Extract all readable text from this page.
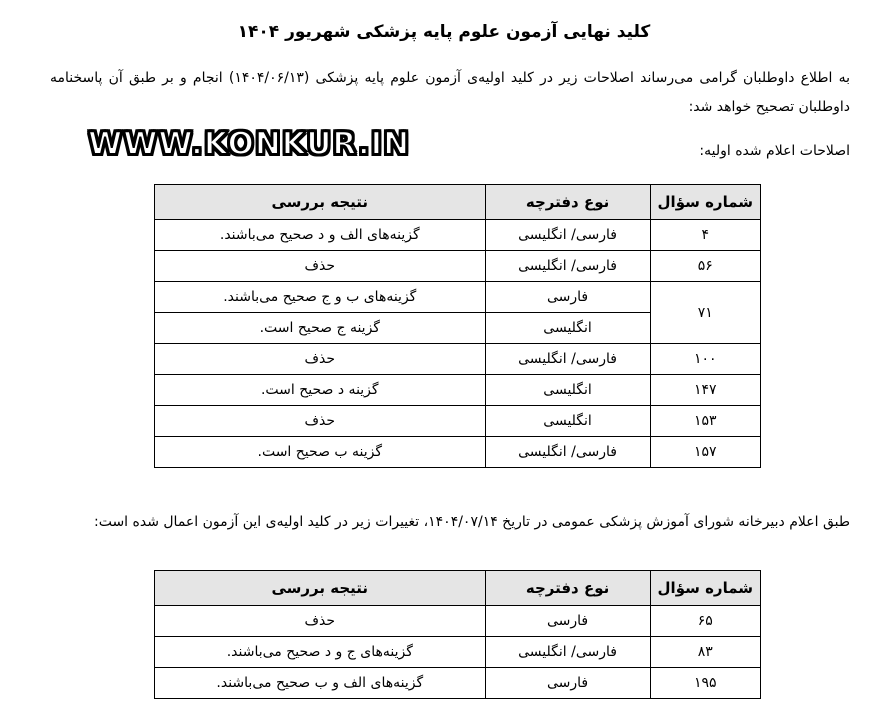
کلید نهایی آزمون علوم پایه پزشکی شهریور ۱۴۰۴
به اطلاع داوطلبان گرامی می‌رساند اصلاحات زیر در کلید اولیه‌ی آزمون علوم پایه پزشکی (۱۴۰۴/۰۶/۱۳) انجام و بر طبق آن پاسخنامه داوطلبان تصحیح خواهد شد:
WWW.KONKUR.IN	اصلاحات اعلام شده اولیه:
شماره سؤال	نوع دفترچه	نتیجه بررسی
۴	فارسی/ انگلیسی	گزینه‌های الف و د صحیح می‌باشند.
۵۶	فارسی/ انگلیسی	حذف
۷۱	فارسی	گزینه‌های ب و ج صحیح می‌باشند.
	انگلیسی	گزینه ج صحیح است.
۱۰۰	فارسی/ انگلیسی	حذف
۱۴۷	انگلیسی	گزینه د صحیح است.
۱۵۳	انگلیسی	حذف
۱۵۷	فارسی/ انگلیسی	گزینه ب صحیح است.
طبق اعلام دبیرخانه شورای آموزش پزشکی عمومی در تاریخ ۱۴۰۴/۰۷/۱۴، تغییرات زیر در کلید اولیه‌ی این آزمون اعمال شده است:
شماره سؤال	نوع دفترچه	نتیجه بررسی
۶۵	فارسی	حذف
۸۳	فارسی/ انگلیسی	گزینه‌های ج و د صحیح می‌باشند.
۱۹۵	فارسی	گزینه‌های الف و ب صحیح می‌باشند.
